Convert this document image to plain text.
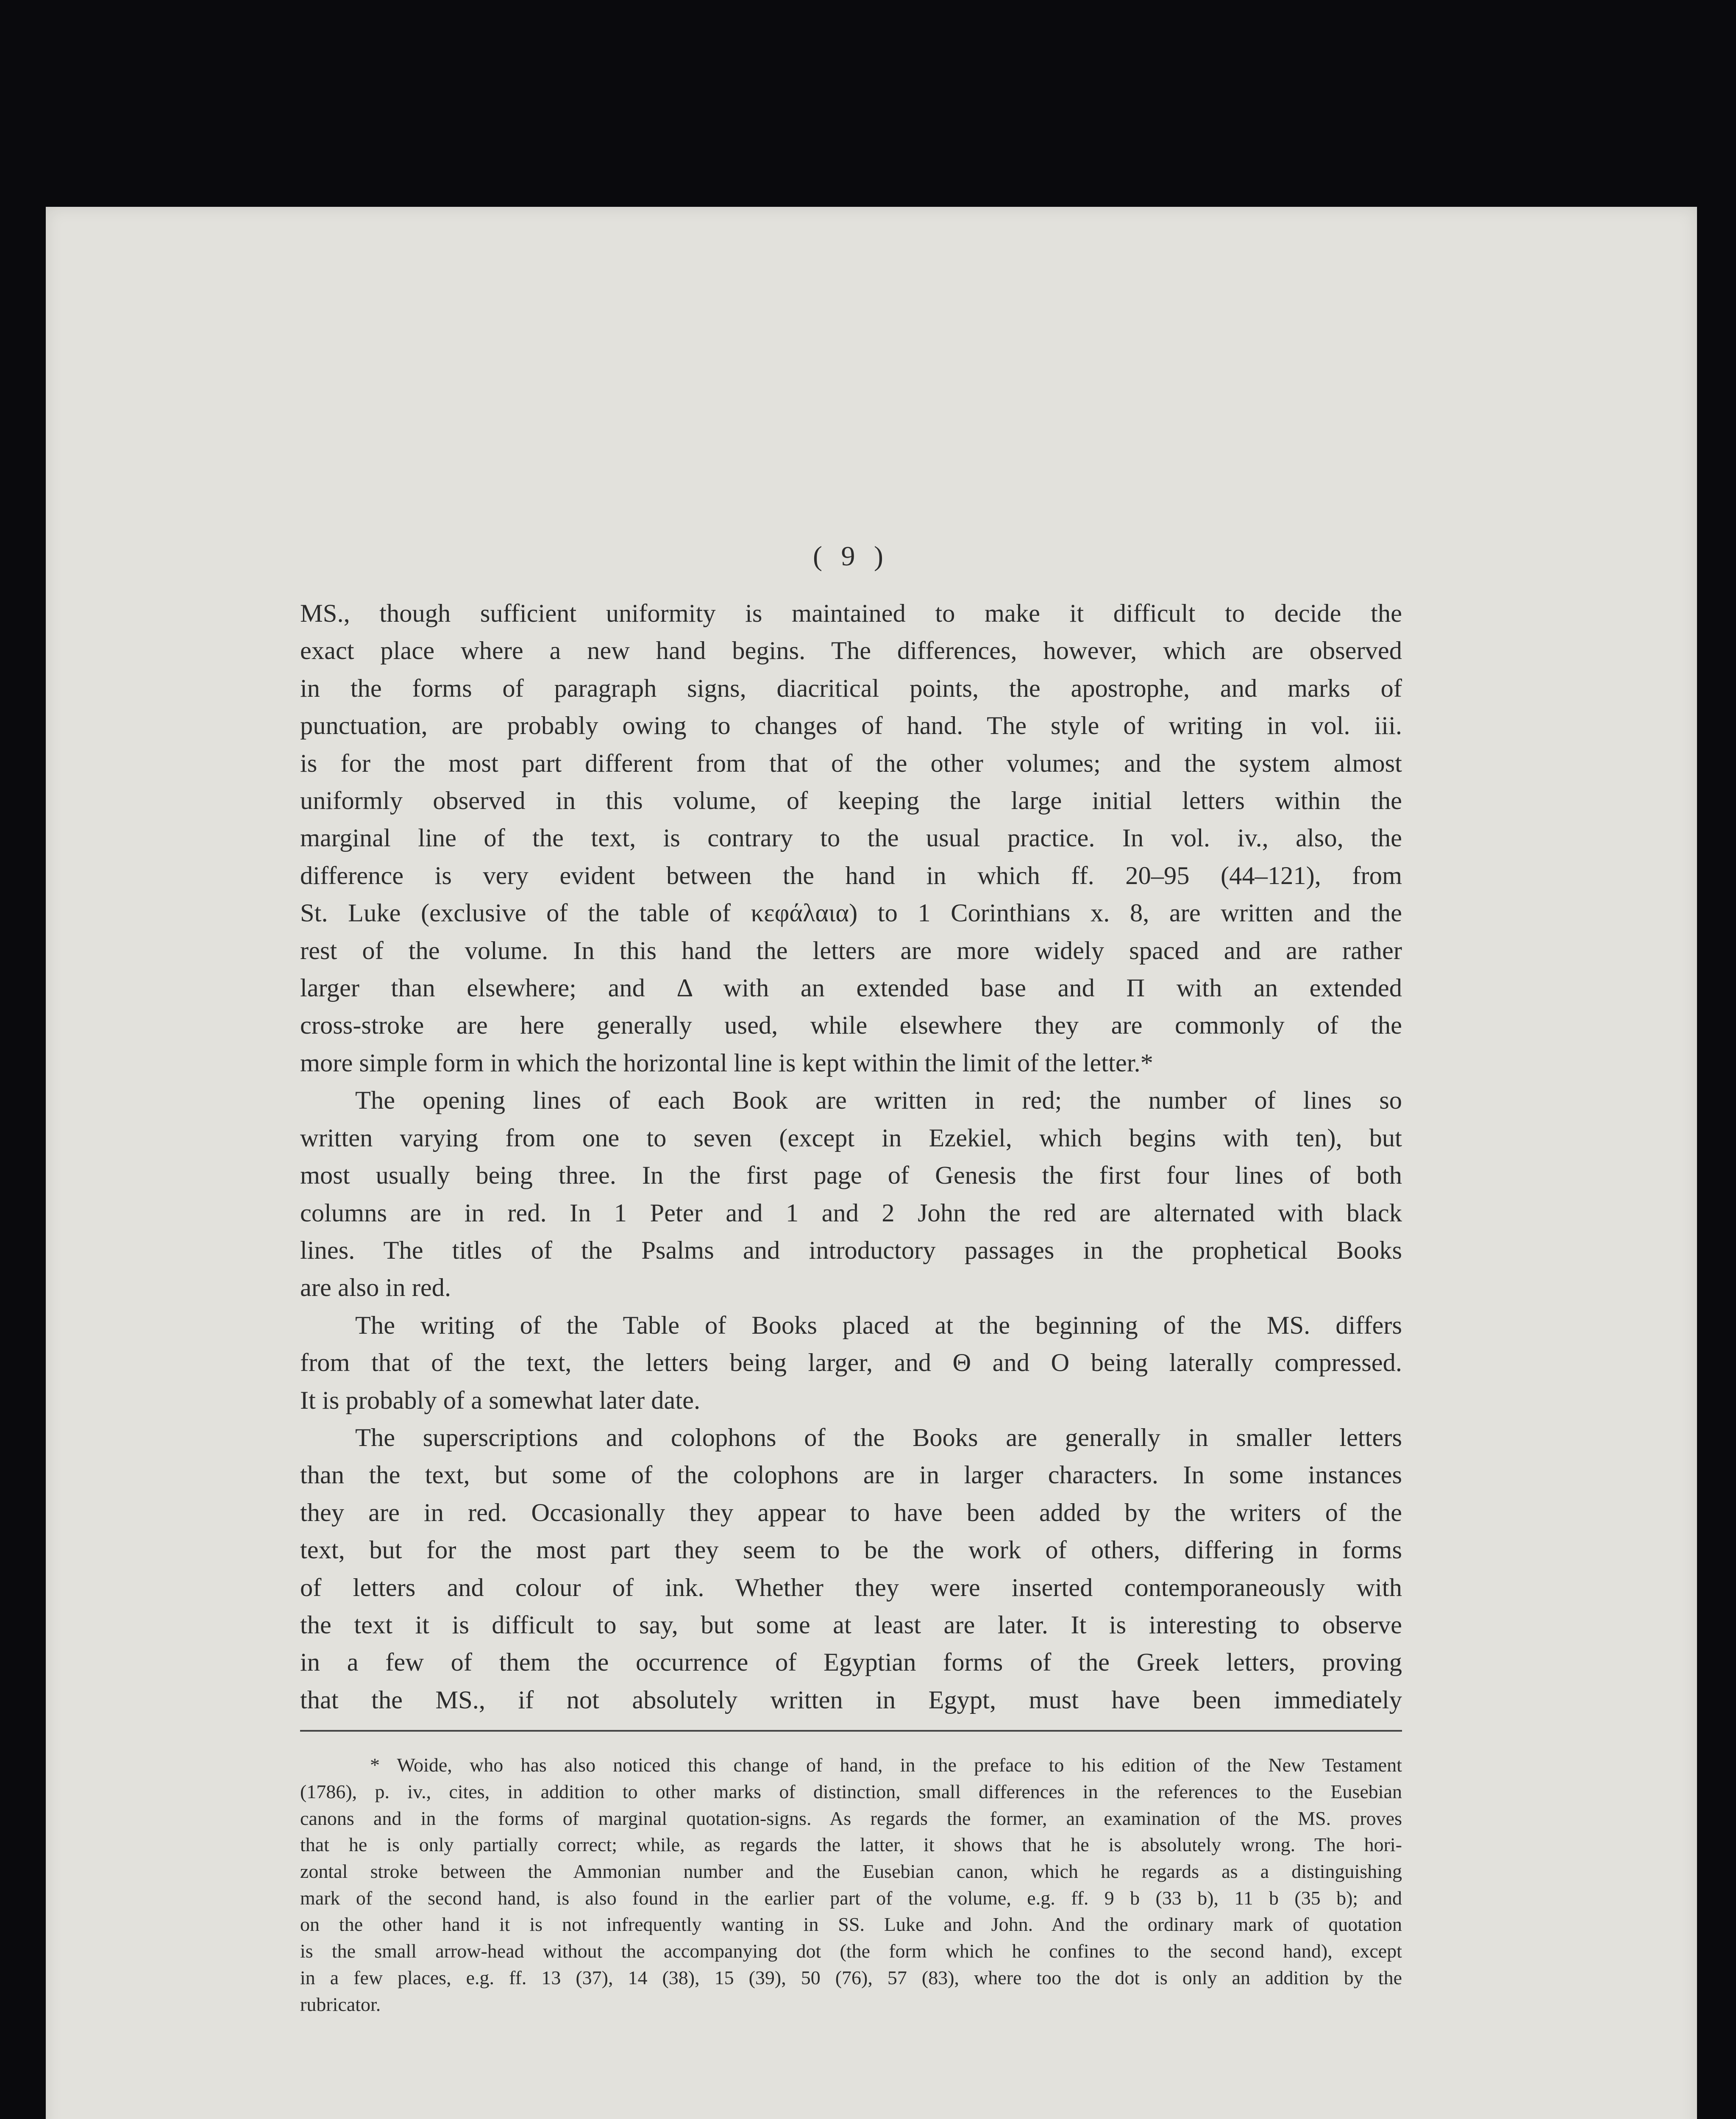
( 9 )
MS., though sufficient uniformity is maintained to make it difficult to decide the
exact place where a new hand begins. The differences, however, which are observed
in the forms of paragraph signs, diacritical points, the apostrophe, and marks of
punctuation, are probably owing to changes of hand. The style of writing in vol. iii.
is for the most part different from that of the other volumes; and the system almost
uniformly observed in this volume, of keeping the large initial letters within the
marginal line of the text, is contrary to the usual practice. In vol. iv., also, the
difference is very evident between the hand in which ff. 20–95 (44–121), from
St. Luke (exclusive of the table of κεφάλαια) to 1 Corinthians x. 8, are written and the
rest of the volume. In this hand the letters are more widely spaced and are rather
larger than elsewhere; and Δ with an extended base and Π with an extended
cross-stroke are here generally used, while elsewhere they are commonly of the
more simple form in which the horizontal line is kept within the limit of the letter.*
The opening lines of each Book are written in red; the number of lines so
written varying from one to seven (except in Ezekiel, which begins with ten), but
most usually being three. In the first page of Genesis the first four lines of both
columns are in red. In 1 Peter and 1 and 2 John the red are alternated with black
lines. The titles of the Psalms and introductory passages in the prophetical Books
are also in red.
The writing of the Table of Books placed at the beginning of the MS. differs
from that of the text, the letters being larger, and Θ and O being laterally compressed.
It is probably of a somewhat later date.
The superscriptions and colophons of the Books are generally in smaller letters
than the text, but some of the colophons are in larger characters. In some instances
they are in red. Occasionally they appear to have been added by the writers of the
text, but for the most part they seem to be the work of others, differing in forms
of letters and colour of ink. Whether they were inserted contemporaneously with
the text it is difficult to say, but some at least are later. It is interesting to observe
in a few of them the occurrence of Egyptian forms of the Greek letters, proving
that the MS., if not absolutely written in Egypt, must have been immediately
* Woide, who has also noticed this change of hand, in the preface to his edition of the New Testament
(1786), p. iv., cites, in addition to other marks of distinction, small differences in the references to the Eusebian
canons and in the forms of marginal quotation-signs. As regards the former, an examination of the MS. proves
that he is only partially correct; while, as regards the latter, it shows that he is absolutely wrong. The hori-
zontal stroke between the Ammonian number and the Eusebian canon, which he regards as a distinguishing
mark of the second hand, is also found in the earlier part of the volume, e.g. ff. 9 b (33 b), 11 b (35 b); and
on the other hand it is not infrequently wanting in SS. Luke and John. And the ordinary mark of quotation
is the small arrow-head without the accompanying dot (the form which he confines to the second hand), except
in a few places, e.g. ff. 13 (37), 14 (38), 15 (39), 50 (76), 57 (83), where too the dot is only an addition by the
rubricator.
